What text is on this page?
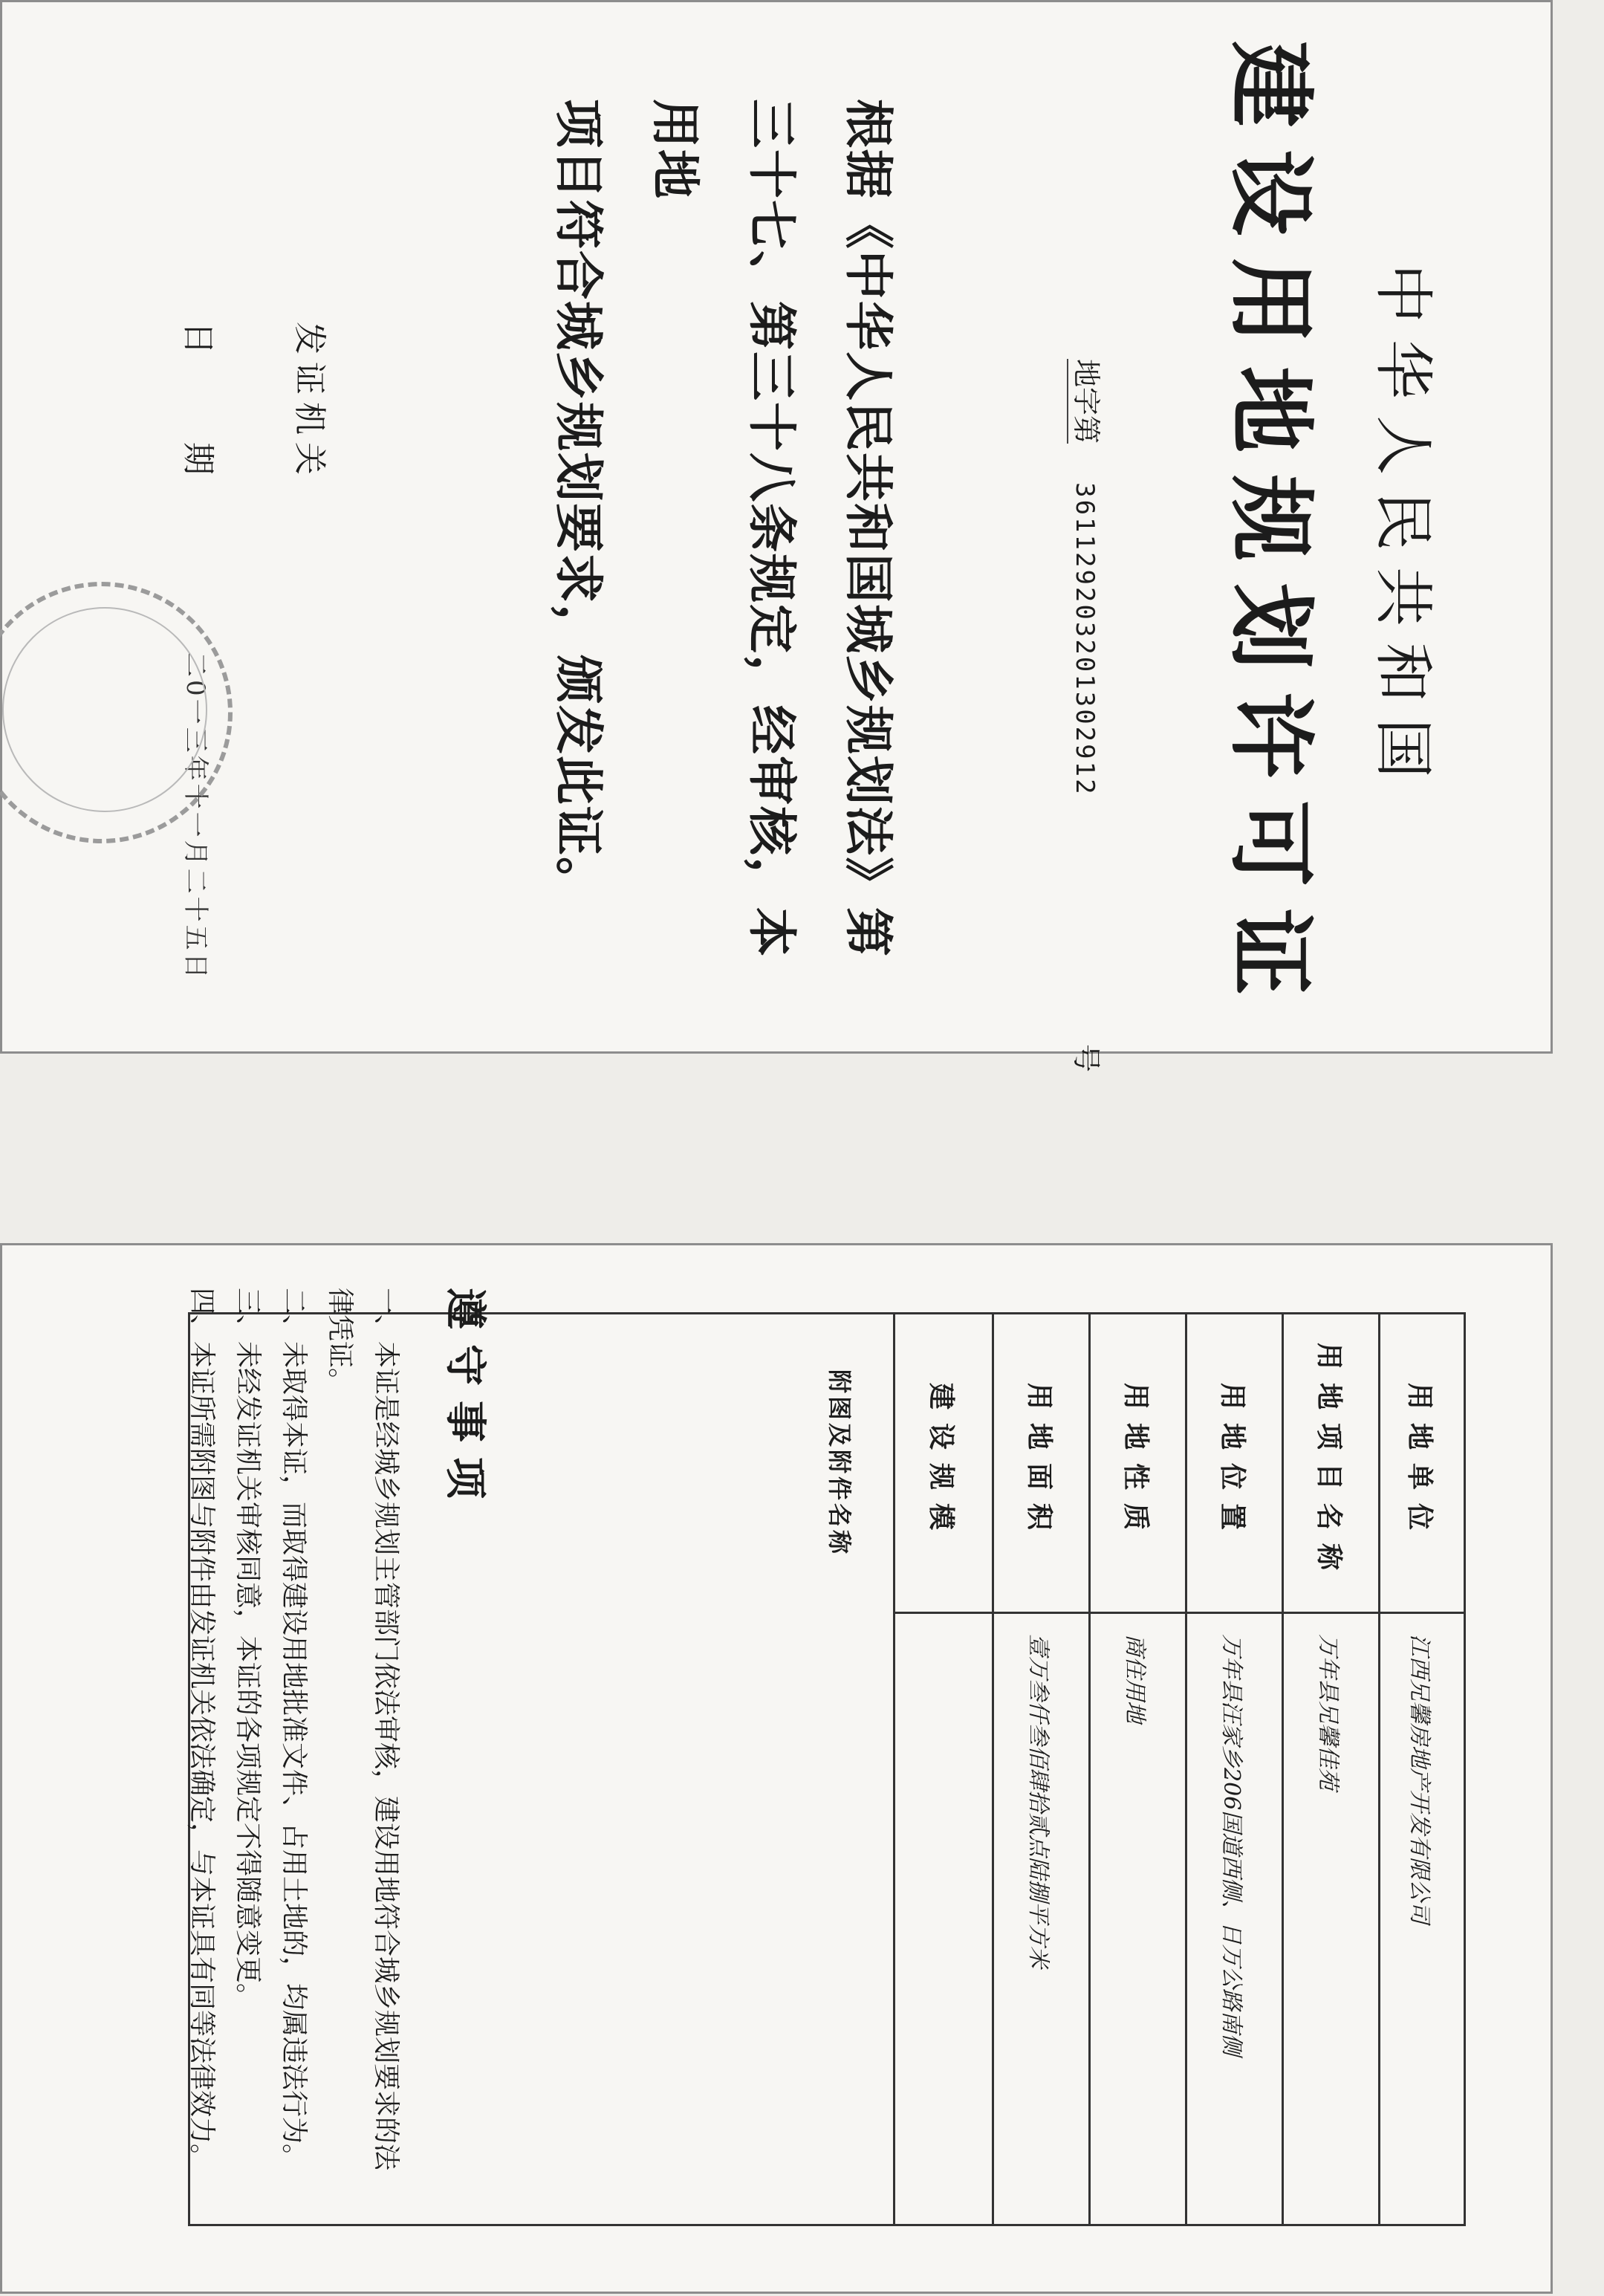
中华人民共和国
建设用地规划许可证
地字第 361129203201302912
号
根据《中华人民共和国城乡规划法》第
三十七、第三十八条规定，经审核，本用地
项目符合城乡规划要求，颁发此证。
发证机关
日　　期 二0一三年十一月二十五日
用地单位
江西兄馨房地产开发有限公司
用地项目名称
万年县兄馨佳苑
用地位置
万年县汪家乡206国道西侧、日万公路南侧
用地性质
商住用地
用地面积
壹万叁仟叁佰肆拾贰点陆捌平方米
建设规模
附图及附件名称
遵守事项
一、本证是经城乡规划主管部门依法审核，建设用地符合城乡规划要求的法律凭证。
二、未取得本证，而取得建设用地批准文件、占用土地的，均属违法行为。
三、未经发证机关审核同意，本证的各项规定不得随意变更。
四、本证所需附图与附件由发证机关依法确定，与本证具有同等法律效力。
